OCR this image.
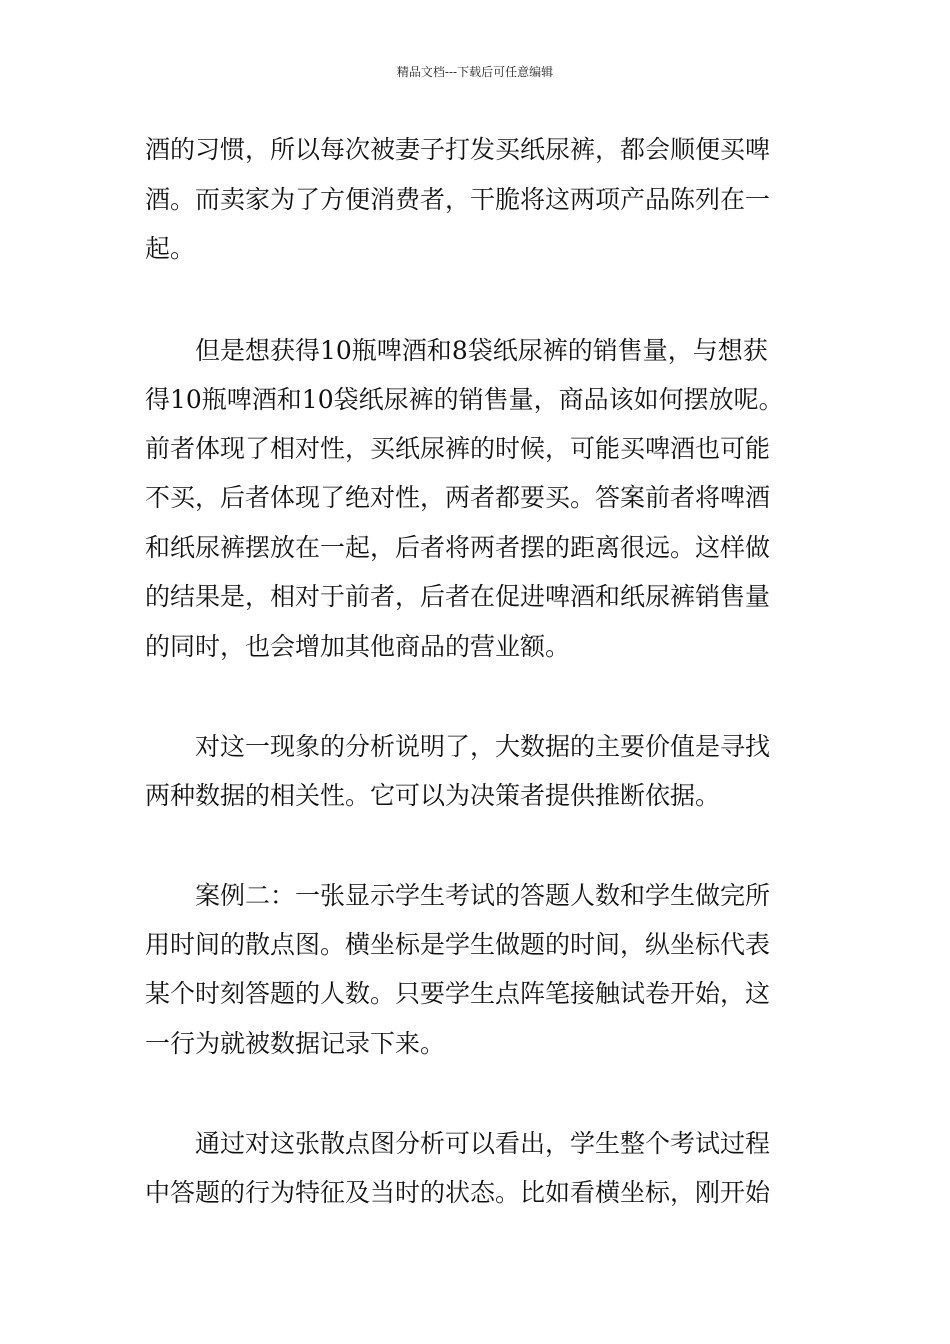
精品文档---下载后可任意编辑
酒的习惯，所以每次被妻子打发买纸尿裤，都会顺便买啤
酒。而卖家为了方便消费者，干脆将这两项产品陈列在一
起。
　　但是想获得10瓶啤酒和8袋纸尿裤的销售量，与想获
得10瓶啤酒和10袋纸尿裤的销售量，商品该如何摆放呢。
前者体现了相对性，买纸尿裤的时候，可能买啤酒也可能
不买，后者体现了绝对性，两者都要买。答案前者将啤酒
和纸尿裤摆放在一起，后者将两者摆的距离很远。这样做
的结果是，相对于前者，后者在促进啤酒和纸尿裤销售量
的同时，也会增加其他商品的营业额。
　　对这一现象的分析说明了，大数据的主要价值是寻找
两种数据的相关性。它可以为决策者提供推断依据。
　　案例二：一张显示学生考试的答题人数和学生做完所
用时间的散点图。横坐标是学生做题的时间，纵坐标代表
某个时刻答题的人数。只要学生点阵笔接触试卷开始，这
一行为就被数据记录下来。
　　通过对这张散点图分析可以看出，学生整个考试过程
中答题的行为特征及当时的状态。比如看横坐标，刚开始
